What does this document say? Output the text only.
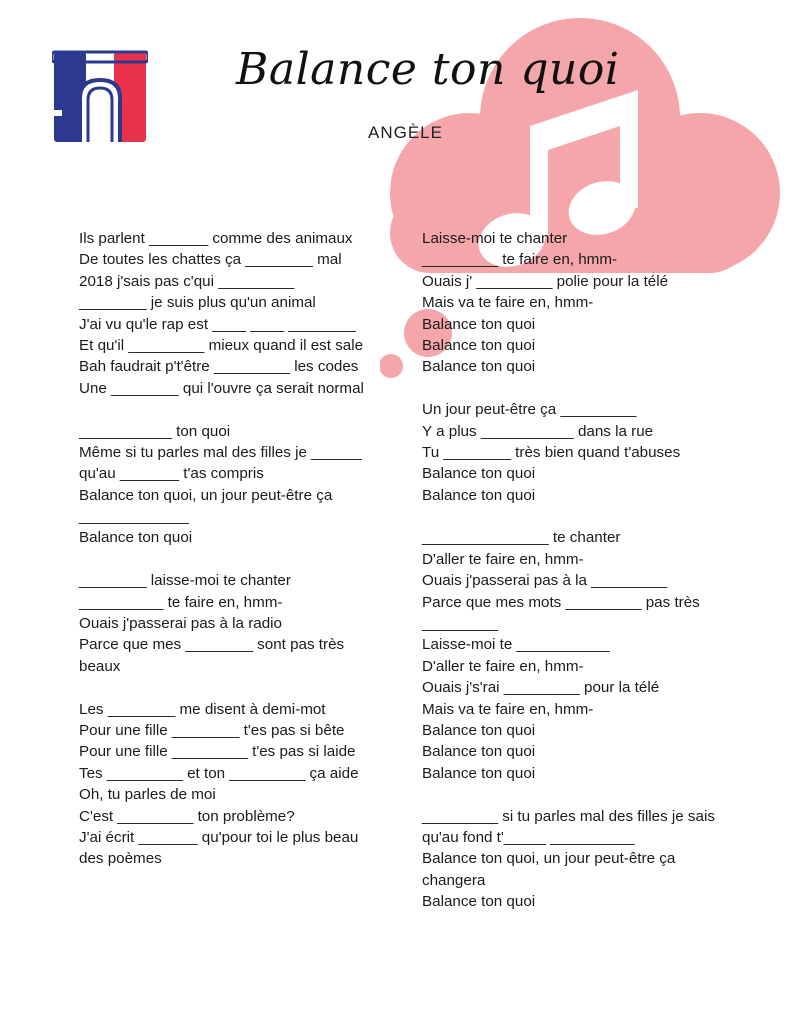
Balance ton quoi
ANGÈLE
Ils parlent _______ comme des animaux
De toutes les chattes ça ________ mal
2018 j'sais pas c'qui _________
________ je suis plus qu'un animal
J'ai vu qu'le rap est ____ ____ ________
Et qu'il _________ mieux quand il est sale
Bah faudrait p't'être _________ les codes
Une ________ qui l'ouvre ça serait normal
___________ ton quoi
Même si tu parles mal des filles je ______
qu'au _______ t'as compris
Balance ton quoi, un jour peut-être ça
_____________
Balance ton quoi
________ laisse-moi te chanter
__________ te faire en, hmm-
Ouais j'passerai pas à la radio
Parce que mes ________ sont pas très
beaux
Les ________ me disent à demi-mot
Pour une fille ________ t'es pas si bête
Pour une fille _________ t'es pas si laide
Tes _________ et ton _________ ça aide
Oh, tu parles de moi
C'est _________ ton problème?
J'ai écrit _______ qu'pour toi le plus beau
des poèmes
Laisse-moi te chanter
_________ te faire en, hmm-
Ouais j' _________ polie pour la télé
Mais va te faire en, hmm-
Balance ton quoi
Balance ton quoi
Balance ton quoi
Un jour peut-être ça _________
Y a plus ___________ dans la rue
Tu ________ très bien quand t'abuses
Balance ton quoi
Balance ton quoi
_______________ te chanter
D'aller te faire en, hmm-
Ouais j'passerai pas à la _________
Parce que mes mots _________ pas très
_________
Laisse-moi te ___________
D'aller te faire en, hmm-
Ouais j's'rai _________ pour la télé
Mais va te faire en, hmm-
Balance ton quoi
Balance ton quoi
Balance ton quoi
_________ si tu parles mal des filles je sais
qu'au fond t'_____ __________
Balance ton quoi, un jour peut-être ça
changera
Balance ton quoi
